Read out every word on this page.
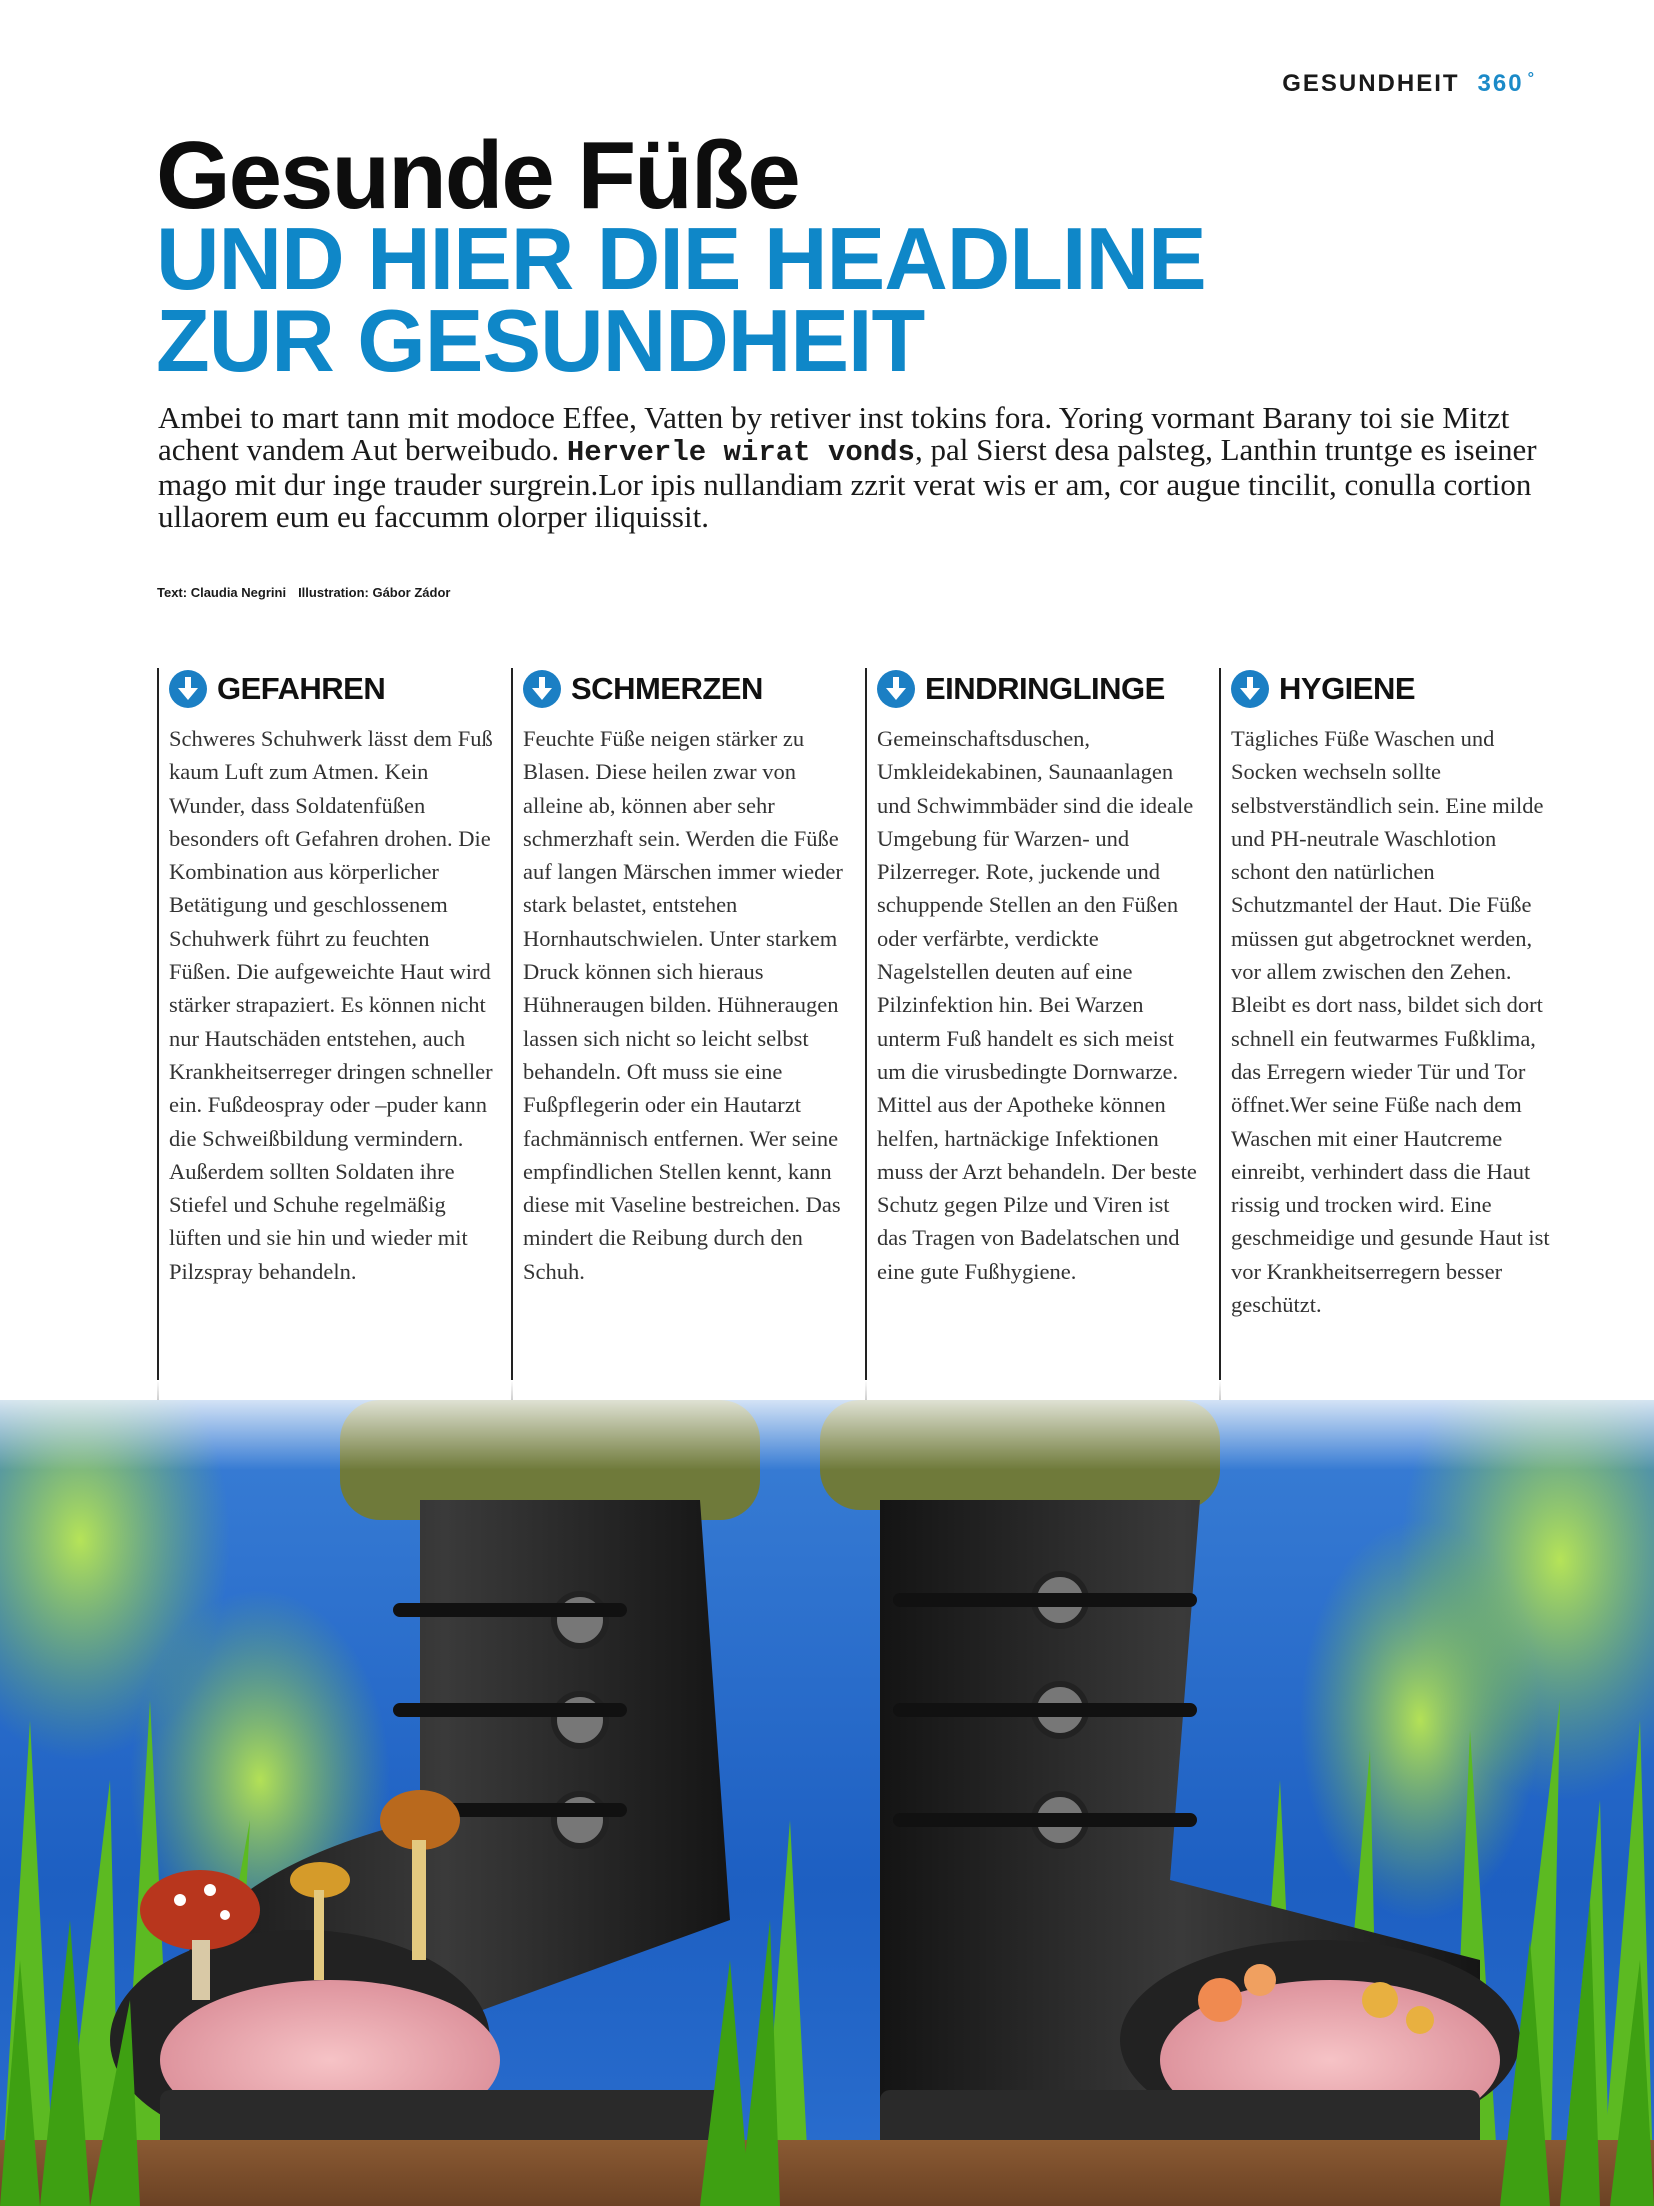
GESUNDHEIT 360 °
Gesunde Füße
UND HIER DIE HEADLINE
ZUR GESUNDHEIT

Ambei to mart tann mit modoce Effee, Vatten by retiver inst tokins fora. Yoring vormant Barany toi sie Mitzt achent vandem Aut berweibudo. Herverle wirat vonds, pal Sierst desa palsteg, Lanthin truntge es iseiner mago mit dur inge trauder surgrein.Lor ipis nullandiam zzrit verat wis er am, cor augue tincilit, conulla cortion ullaorem eum eu faccumm olorper iliquissit.

Text: Claudia Negrini Illustration: Gábor Zádor
GEFAHREN

Schweres Schuhwerk lässt dem Fuß kaum Luft zum Atmen. Kein Wunder, dass Soldatenfüßen besonders oft Gefahren drohen. Die Kombination aus körperlicher Betätigung und geschlossenem Schuhwerk führt zu feuchten Füßen. Die aufgeweichte Haut wird stärker strapaziert. Es können nicht nur Hautschäden entstehen, auch Krankheitserreger dringen schneller ein. Fußdeospray oder –puder kann die Schweißbildung vermindern. Außerdem sollten Soldaten ihre Stiefel und Schuhe regelmäßig lüften und sie hin und wieder mit Pilzspray behandeln.

SCHMERZEN

Feuchte Füße neigen stärker zu Blasen. Diese heilen zwar von alleine ab, können aber sehr schmerzhaft sein. Werden die Füße auf langen Märschen immer wieder stark belastet, entstehen Hornhautschwielen. Unter starkem Druck können sich hieraus Hühneraugen bilden. Hühneraugen lassen sich nicht so leicht selbst behandeln. Oft muss sie eine Fußpflegerin oder ein Hautarzt fachmännisch entfernen. Wer seine empfindlichen Stellen kennt, kann diese mit Vaseline bestreichen. Das mindert die Reibung durch den Schuh.

EINDRINGLINGE

Gemeinschaftsduschen, Umkleidekabinen, Saunaanlagen und Schwimmbäder sind die ideale Umgebung für Warzen- und Pilzerreger. Rote, juckende und schuppende Stellen an den Füßen oder verfärbte, verdickte Nagelstellen deuten auf eine Pilzinfektion hin. Bei Warzen unterm Fuß handelt es sich meist um die virusbedingte Dornwarze. Mittel aus der Apotheke können helfen, hartnäckige Infektionen muss der Arzt behandeln. Der beste Schutz gegen Pilze und Viren ist das Tragen von Badelatschen und eine gute Fußhygiene.

HYGIENE

Tägliches Füße Waschen und Socken wechseln sollte selbstverständlich sein. Eine milde und PH-neutrale Waschlotion schont den natürlichen Schutzmantel der Haut. Die Füße müssen gut abgetrocknet werden, vor allem zwischen den Zehen. Bleibt es dort nass, bildet sich dort schnell ein feutwarmes Fußklima, das Erregern wieder Tür und Tor öffnet.Wer seine Füße nach dem Waschen mit einer Hautcreme einreibt, verhindert dass die Haut rissig und trocken wird. Eine geschmeidige und gesunde Haut ist vor Krankheitserregern besser geschützt.
